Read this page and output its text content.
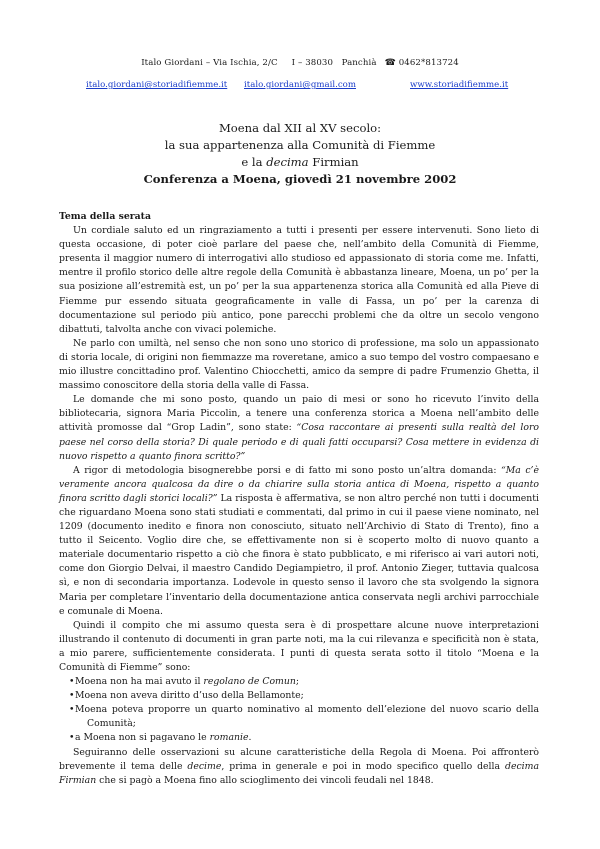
Italo Giordani – Via Ischia, 2/C I – 38030 Panchià ☎ 0462*813724
italo.giordani@storiadifiemme.it italo.giordani@gmail.com	www.storiadifiemme.it
Moena dal XII al XV secolo:
la sua appartenenza alla Comunità di Fiemme
e la decima Firmian
Conferenza a Moena, giovedì 21 novembre 2002
Tema della serata

Un cordiale saluto ed un ringraziamento a tutti i presenti per essere intervenuti. Sono lieto di questa occasione, di poter cioè parlare del paese che, nell’ambito della Comunità di Fiemme, presenta il maggior numero di interrogativi allo studioso ed appassionato di storia come me. Infatti, mentre il profilo storico delle altre regole della Comunità è abbastanza lineare, Moena, un po’ per la sua posizione all’estremità est, un po’ per la sua appartenenza storica alla Comunità ed alla Pieve di Fiemme pur essendo situata geograficamente in valle di Fassa, un po’ per la carenza di documentazione sul periodo più antico, pone parecchi problemi che da oltre un secolo vengono dibattuti, talvolta anche con vivaci polemiche.

Ne parlo con umiltà, nel senso che non sono uno storico di professione, ma solo un appassionato di storia locale, di origini non fiemmazze ma roveretane, amico a suo tempo del vostro compaesano e mio illustre concittadino prof. Valentino Chiocchetti, amico da sempre di padre Frumenzio Ghetta, il massimo conoscitore della storia della valle di Fassa.

Le domande che mi sono posto, quando un paio di mesi or sono ho ricevuto l’invito della bibliotecaria, signora Maria Piccolin, a tenere una conferenza storica a Moena nell’ambito delle attività promosse dal “Grop Ladin”, sono state: “Cosa raccontare ai presenti sulla realtà del loro paese nel corso della storia? Di quale periodo e di quali fatti occuparsi? Cosa mettere in evidenza di nuovo rispetto a quanto finora scritto?”

A rigor di metodologia bisognerebbe porsi e di fatto mi sono posto un’altra domanda: “Ma c’è veramente ancora qualcosa da dire o da chiarire sulla storia antica di Moena, rispetto a quanto finora scritto dagli storici locali?” La risposta è affermativa, se non altro perché non tutti i documenti che riguardano Moena sono stati studiati e commentati, dal primo in cui il paese viene nominato, nel 1209 (documento inedito e finora non conosciuto, situato nell’Archivio di Stato di Trento), fino a tutto il Seicento. Voglio dire che, se effettivamente non si è scoperto molto di nuovo quanto a materiale documentario rispetto a ciò che finora è stato pubblicato, e mi riferisco ai vari autori noti, come don Giorgio Delvai, il maestro Candido Degiampietro, il prof. Antonio Zieger, tuttavia qualcosa sì, e non di secondaria importanza. Lodevole in questo senso il lavoro che sta svolgendo la signora Maria per completare l’inventario della documentazione antica conservata negli archivi parrocchiale e comunale di Moena.

Quindi il compito che mi assumo questa sera è di prospettare alcune nuove interpretazioni illustrando il contenuto di documenti in gran parte noti, ma la cui rilevanza e specificità non è stata, a mio parere, sufficientemente considerata. I punti di questa serata sotto il titolo “Moena e la Comunità di Fiemme” sono:

• Moena non ha mai avuto il regolano de Comun;
• Moena non aveva diritto d’uso della Bellamonte;
• Moena poteva proporre un quarto nominativo al momento dell’elezione del nuovo scario della Comunità;
• a Moena non si pagavano le romanie.

Seguiranno delle osservazioni su alcune caratteristiche della Regola di Moena. Poi affronterò brevemente il tema delle decime, prima in generale e poi in modo specifico quello della decima Firmian che si pagò a Moena fino allo scioglimento dei vincoli feudali nel 1848.
